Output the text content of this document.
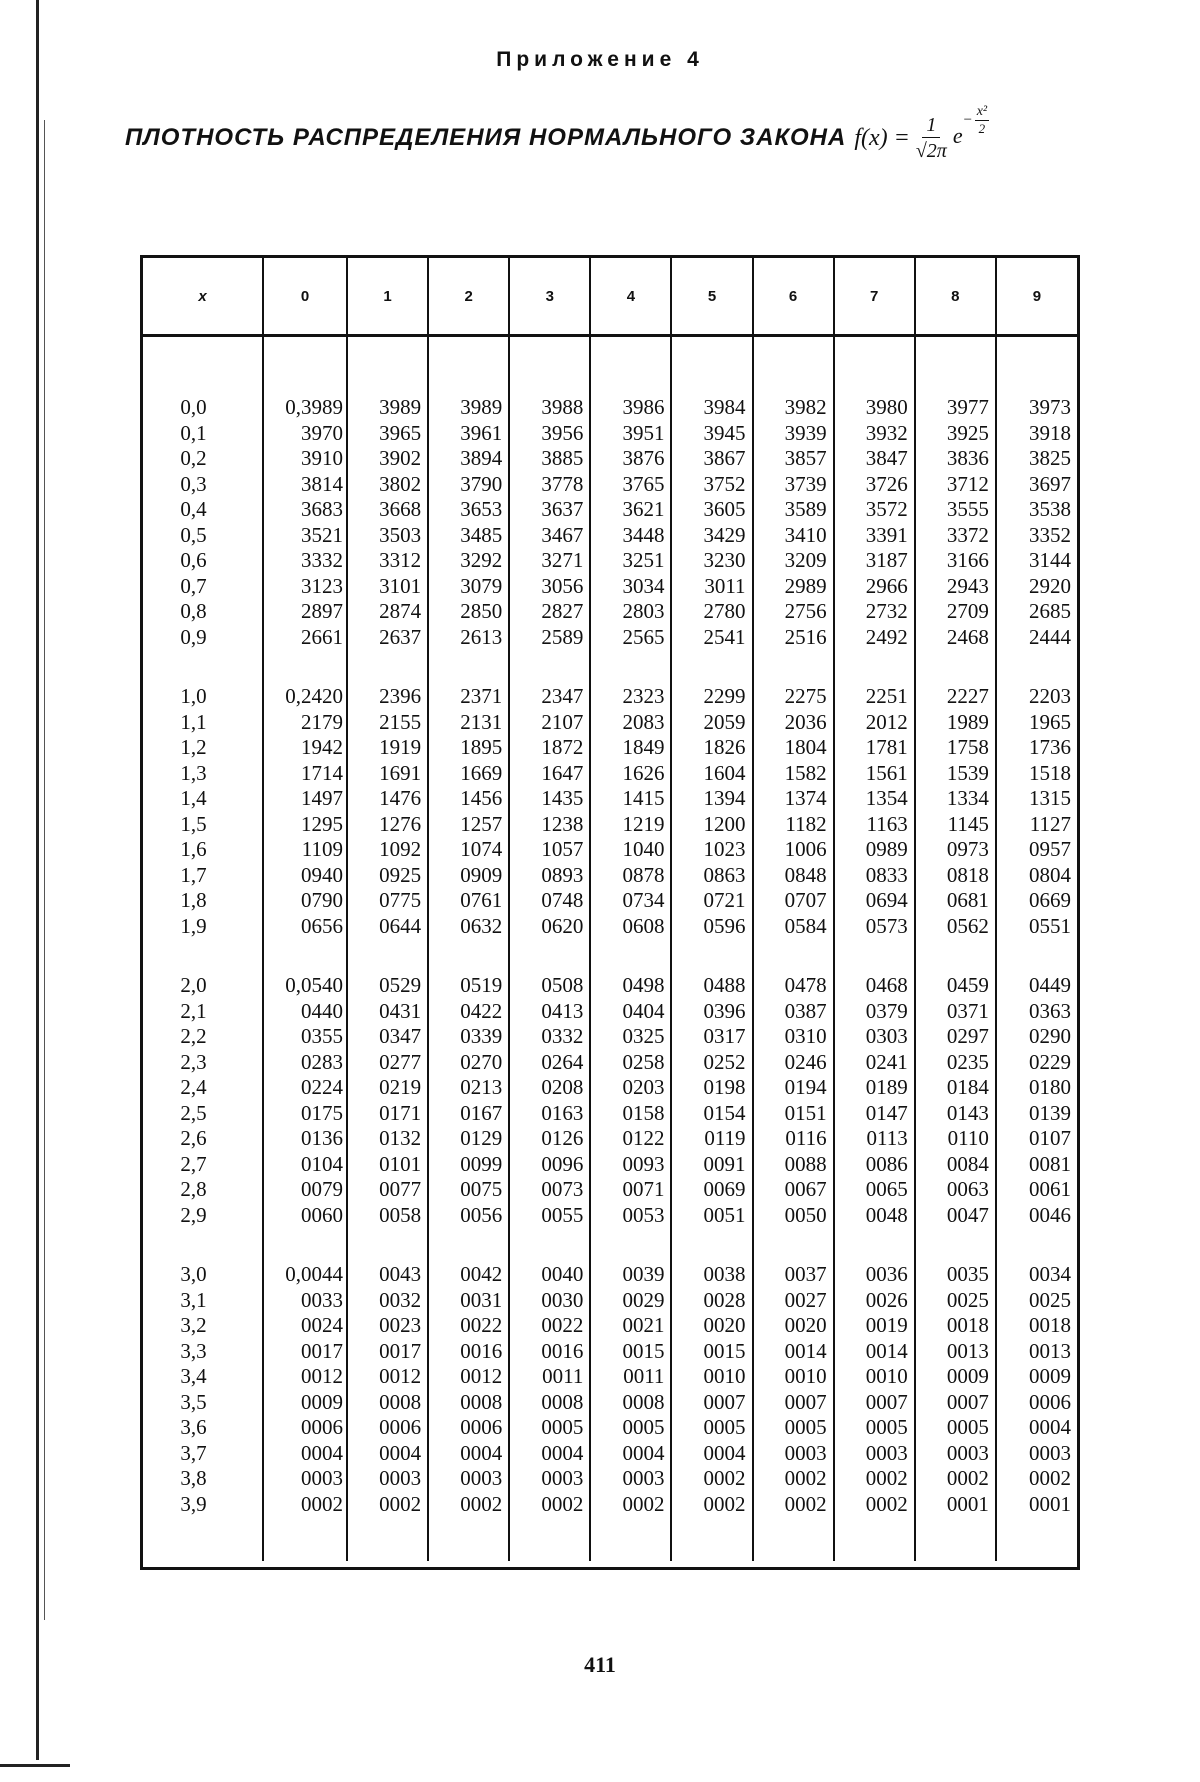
Приложение 4
ПЛОТНОСТЬ РАСПРЕДЕЛЕНИЯ НОРМАЛЬНОГО ЗАКОНА $f(x) = \frac{1}{√2\pi}$ e
− $\frac{\text{x²}}{2}$
x	0	1	2	3	4	5	6	7	8	9

0,0	0,3989	3989	3989	3988	3986	3984	3982	3980	3977	3973
0,1	3970	3965	3961	3956	3951	3945	3939	3932	3925	3918
0,2	3910	3902	3894	3885	3876	3867	3857	3847	3836	3825
0,3	3814	3802	3790	3778	3765	3752	3739	3726	3712	3697
0,4	3683	3668	3653	3637	3621	3605	3589	3572	3555	3538
0,5	3521	3503	3485	3467	3448	3429	3410	3391	3372	3352
0,6	3332	3312	3292	3271	3251	3230	3209	3187	3166	3144
0,7	3123	3101	3079	3056	3034	3011	2989	2966	2943	2920
0,8	2897	2874	2850	2827	2803	2780	2756	2732	2709	2685
0,9	2661	2637	2613	2589	2565	2541	2516	2492	2468	2444

1,0	0,2420	2396	2371	2347	2323	2299	2275	2251	2227	2203
1,1	2179	2155	2131	2107	2083	2059	2036	2012	1989	1965
1,2	1942	1919	1895	1872	1849	1826	1804	1781	1758	1736
1,3	1714	1691	1669	1647	1626	1604	1582	1561	1539	1518
1,4	1497	1476	1456	1435	1415	1394	1374	1354	1334	1315
1,5	1295	1276	1257	1238	1219	1200	1182	1163	1145	1127
1,6	1109	1092	1074	1057	1040	1023	1006	0989	0973	0957
1,7	0940	0925	0909	0893	0878	0863	0848	0833	0818	0804
1,8	0790	0775	0761	0748	0734	0721	0707	0694	0681	0669
1,9	0656	0644	0632	0620	0608	0596	0584	0573	0562	0551

2,0	0,0540	0529	0519	0508	0498	0488	0478	0468	0459	0449
2,1	0440	0431	0422	0413	0404	0396	0387	0379	0371	0363
2,2	0355	0347	0339	0332	0325	0317	0310	0303	0297	0290
2,3	0283	0277	0270	0264	0258	0252	0246	0241	0235	0229
2,4	0224	0219	0213	0208	0203	0198	0194	0189	0184	0180
2,5	0175	0171	0167	0163	0158	0154	0151	0147	0143	0139
2,6	0136	0132	0129	0126	0122	0119	0116	0113	0110	0107
2,7	0104	0101	0099	0096	0093	0091	0088	0086	0084	0081
2,8	0079	0077	0075	0073	0071	0069	0067	0065	0063	0061
2,9	0060	0058	0056	0055	0053	0051	0050	0048	0047	0046

3,0	0,0044	0043	0042	0040	0039	0038	0037	0036	0035	0034
3,1	0033	0032	0031	0030	0029	0028	0027	0026	0025	0025
3,2	0024	0023	0022	0022	0021	0020	0020	0019	0018	0018
3,3	0017	0017	0016	0016	0015	0015	0014	0014	0013	0013
3,4	0012	0012	0012	0011	0011	0010	0010	0010	0009	0009
3,5	0009	0008	0008	0008	0008	0007	0007	0007	0007	0006
3,6	0006	0006	0006	0005	0005	0005	0005	0005	0005	0004
3,7	0004	0004	0004	0004	0004	0004	0003	0003	0003	0003
3,8	0003	0003	0003	0003	0003	0002	0002	0002	0002	0002
3,9	0002	0002	0002	0002	0002	0002	0002	0002	0001	0001

411
